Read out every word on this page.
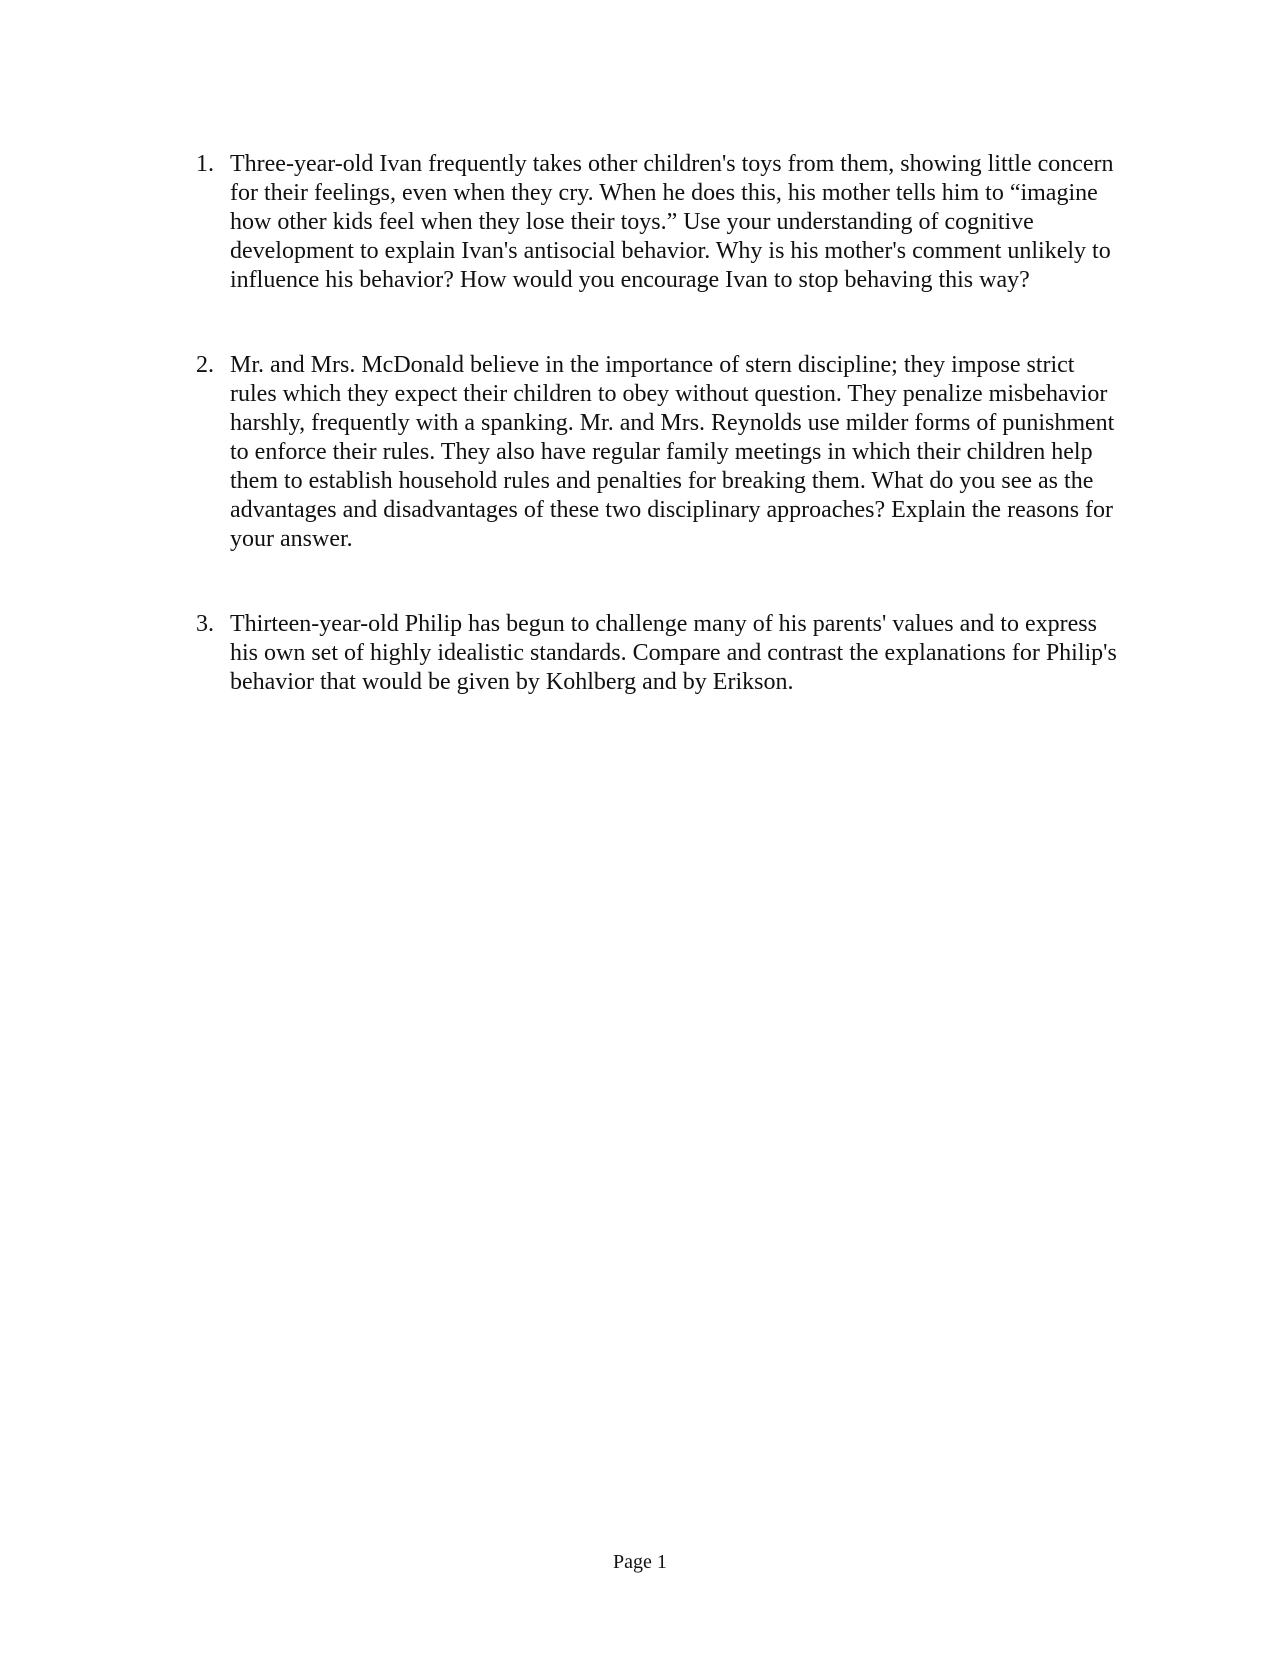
1. Three-year-old Ivan frequently takes other children's toys from them, showing little concern for their feelings, even when they cry. When he does this, his mother tells him to “imagine how other kids feel when they lose their toys.” Use your understanding of cognitive development to explain Ivan's antisocial behavior. Why is his mother's comment unlikely to influence his behavior? How would you encourage Ivan to stop behaving this way?
2. Mr. and Mrs. McDonald believe in the importance of stern discipline; they impose strict rules which they expect their children to obey without question. They penalize misbehavior harshly, frequently with a spanking. Mr. and Mrs. Reynolds use milder forms of punishment to enforce their rules. They also have regular family meetings in which their children help them to establish household rules and penalties for breaking them. What do you see as the advantages and disadvantages of these two disciplinary approaches? Explain the reasons for your answer.
3. Thirteen-year-old Philip has begun to challenge many of his parents' values and to express his own set of highly idealistic standards. Compare and contrast the explanations for Philip's behavior that would be given by Kohlberg and by Erikson.
Page 1
